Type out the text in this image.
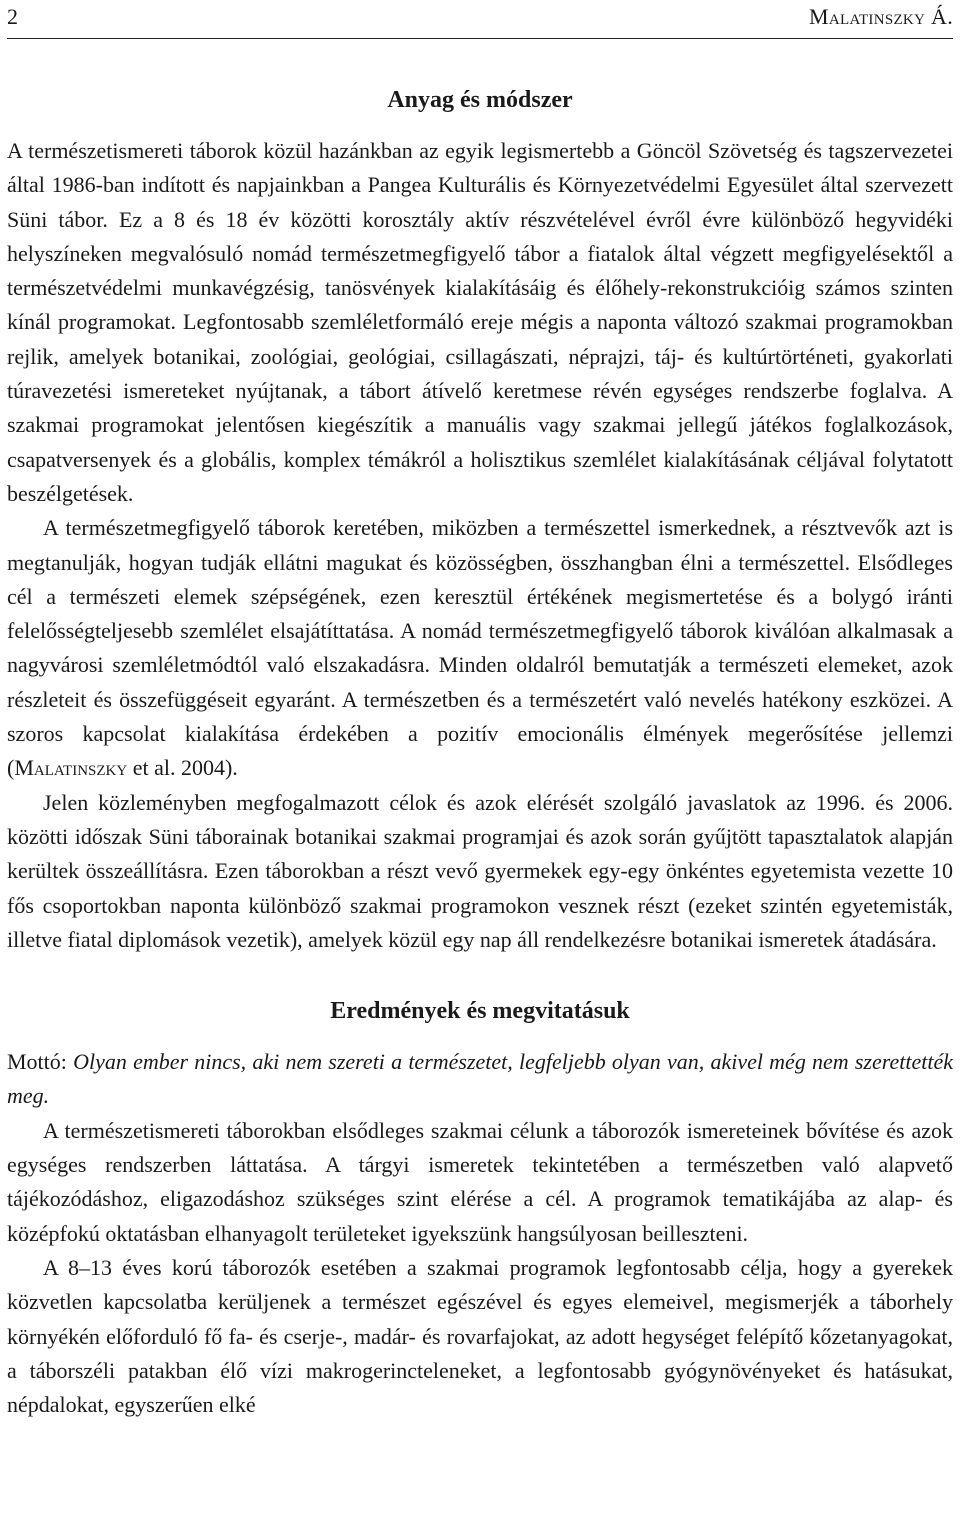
2	Malatinszky Á.
Anyag és módszer

A természetismereti táborok közül hazánkban az egyik legismertebb a Göncöl Szövetség és tagszervezetei által 1986-ban indított és napjainkban a Pangea Kulturális és Környezetvédelmi Egyesület által szervezett Süni tábor. Ez a 8 és 18 év közötti korosztály aktív részvételével évről évre különböző hegyvidéki helyszíneken megvalósuló nomád természetmegfigyelő tábor a fiatalok által végzett megfigyelésektől a természetvédelmi munkavégzésig, tanösvények kialakításáig és élőhely-rekonstrukcióig számos szinten kínál programokat. Legfontosabb szemléletformáló ereje mégis a naponta változó szakmai programokban rejlik, amelyek botanikai, zoológiai, geológiai, csillagászati, néprajzi, táj- és kultúrtörténeti, gyakorlati túravezetési ismereteket nyújtanak, a tábort átívelő keretmese révén egységes rendszerbe foglalva. A szakmai programokat jelentősen kiegészítik a manuális vagy szakmai jellegű játékos foglalkozások, csapatversenyek és a globális, komplex témákról a holisztikus szemlélet kialakításának céljával folytatott beszélgetések.

A természetmegfigyelő táborok keretében, miközben a természettel ismerkednek, a résztvevők azt is megtanulják, hogyan tudják ellátni magukat és közösségben, összhangban élni a természettel. Elsődleges cél a természeti elemek szépségének, ezen keresztül értékének megismertetése és a bolygó iránti felelősségteljesebb szemlélet elsajátíttatása. A nomád természetmegfigyelő táborok kiválóan alkalmasak a nagyvárosi szemléletmódtól való elszakadásra. Minden oldalról bemutatják a természeti elemeket, azok részleteit és összefüggéseit egyaránt. A természetben és a természetért való nevelés hatékony eszközei. A szoros kapcsolat kialakítása érdekében a pozitív emocionális élmények megerősítése jellemzi (Malatinszky et al. 2004).

Jelen közleményben megfogalmazott célok és azok elérését szolgáló javaslatok az 1996. és 2006. közötti időszak Süni táborainak botanikai szakmai programjai és azok során gyűjtött tapasztalatok alapján kerültek összeállításra. Ezen táborokban a részt vevő gyermekek egy-egy önkéntes egyetemista vezette 10 fős csoportokban naponta különböző szakmai programokon vesznek részt (ezeket szintén egyetemisták, illetve fiatal diplomások vezetik), amelyek közül egy nap áll rendelkezésre botanikai ismeretek átadására.

Eredmények és megvitatásuk

Mottó: Olyan ember nincs, aki nem szereti a természetet, legfeljebb olyan van, akivel még nem szerettették meg.

A természetismereti táborokban elsődleges szakmai célunk a táborozók ismereteinek bővítése és azok egységes rendszerben láttatása. A tárgyi ismeretek tekintetében a természetben való alapvető tájékozódáshoz, eligazodáshoz szükséges szint elérése a cél. A programok tematikájába az alap- és középfokú oktatásban elhanyagolt területeket igyekszünk hangsúlyosan beilleszteni.

A 8–13 éves korú táborozók esetében a szakmai programok legfontosabb célja, hogy a gyerekek közvetlen kapcsolatba kerüljenek a természet egészével és egyes elemeivel, megismerjék a táborhely környékén előforduló fő fa- és cserje-, madár- és rovarfajokat, az adott hegységet felépítő kőzetanyagokat, a táborszéli patakban élő vízi makrogerincteleneket, a legfontosabb gyógynövényeket és hatásukat, népdalokat, egyszerűen elké
